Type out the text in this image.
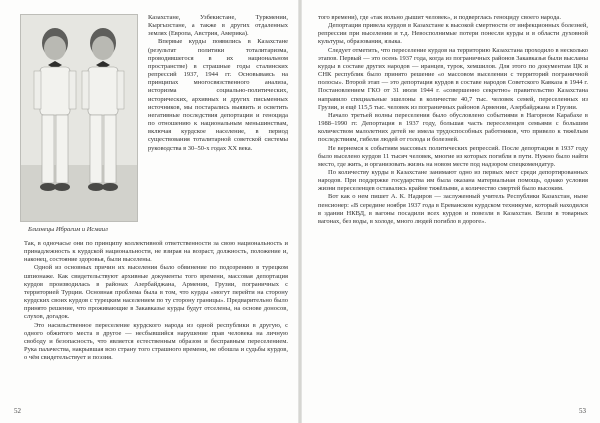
Близнецы Ибрагим и Исмаил

Казахстане, Узбекистане, Туркмении, Кыргызстане, а также в других отдаленных землях (Европа, Австрия, Америка).

Впервые курды появились в Казахстане (результат политики тоталитаризма, проводившегося в их национальном пространстве) в страшные годы сталинских репрессий 1937, 1944 гг. Основываясь на принципах многосвязственного анализа, историзма социально-политических, исторических, архивных и других письменных источников, мы постарались выявить и осветить негативные последствия депортации и геноцида по отношению к национальным меньшинствам, включая курдское население, в период существования тоталитарной советской системы руководства в 30–50-х годах XX века.

Так, в одночасье они по принципу коллективной ответственности за свою национальность и принадлежность к курдской национальности, не взирая на возраст, должность, положение и, наконец, состояние здоровья, были выселены.

Одной из основных причин их выселения было обвинение по подозрению в турецком шпионаже. Как свидетельствуют архивные документы того времени, массовая депортация курдов производилась в районах Азербайджана, Армении, Грузии, пограничных с территорией Турции. Основная проблема была в том, что курды «могут перейти на сторону курдских своих курдов с турецким населением по ту сторону границы». Предварительно было принято решение, что проживающие в Закавказье курды будут отселены, на основе доносов, слухов, догадок.

Это насильственное переселение курдского народа из одной республики в другую, с одного обжитого места в другое — несбывшийся нарушение прав человека на личную свободу и безопасность, что является естественным образом и бесправным переселением. Рука палачества, накрывшая всю страну того страшного времени, не обошла и судьбы курдов, о чём свидетельствует и поэзия.

52

того времени), где «так вольно дышит человек», и подверглась геноциду своего народа.

Депортация привела курдов в Казахстане к высокой смертности от инфекционных болезней, репрессии при выселении и т.д. Невосполнимые потери понесли курды и в области духовной культуры, образования, языка.

Следует отметить, что переселение курдов на территорию Казахстана проходило в несколько этапов. Первый — это осень 1937 года, когда из пограничных районов Закавказья были высланы курды в составе других народов — иранцев, турок, хемшилов. Для этого по документам ЦК и СНК республик было принято решение «о массовом выселении с территорий пограничной полосы». Второй этап — это депортация курдов в составе народов Советского Кавказа в 1944 г. Постановлением ГКО от 31 июля 1944 г. «совершенно секретно» правительство Казахстана направило специальные эшелоны в количестве 40,7 тыс. человек семей, переселенных из Грузии, и ещё 115,5 тыс. человек из пограничных районов Армении, Азербайджана и Грузии.

Начало третьей волны переселения было обусловлено событиями в Нагорном Карабахе в 1988–1990 гг. Депортация в 1937 году, большая часть переселенцев семьями с большим количеством малолетних детей не имела трудоспособных работников, что привело к тяжёлым последствиям, гибели людей от голода и болезней.

Не вернемся к событиям массовых политических репрессий. После депортации в 1937 году было выселено курдов 11 тысяч человек, многие из которых погибли в пути. Нужно было найти место, где жить, и организовать жизнь на новом месте под надзором спецкомендатур.

По количеству курды в Казахстане занимают одно из первых мест среди депортированных народов. При поддержке государства им была оказана материальная помощь, однако условия жизни переселенцев оставались крайне тяжёлыми, а количество смертей было высоким.

Вот как о нем пишет А. К. Надиров — заслуженный учитель Республики Казахстан, ныне пенсионер: «В середине ноября 1937 года в Ереванском курдском техникуме, который находился в здании НКВД, в вагоны посадили всех курдов и повезли в Казахстан. Везли в товарных вагонах, без воды, в холоде, много людей погибло в дороге».

53
